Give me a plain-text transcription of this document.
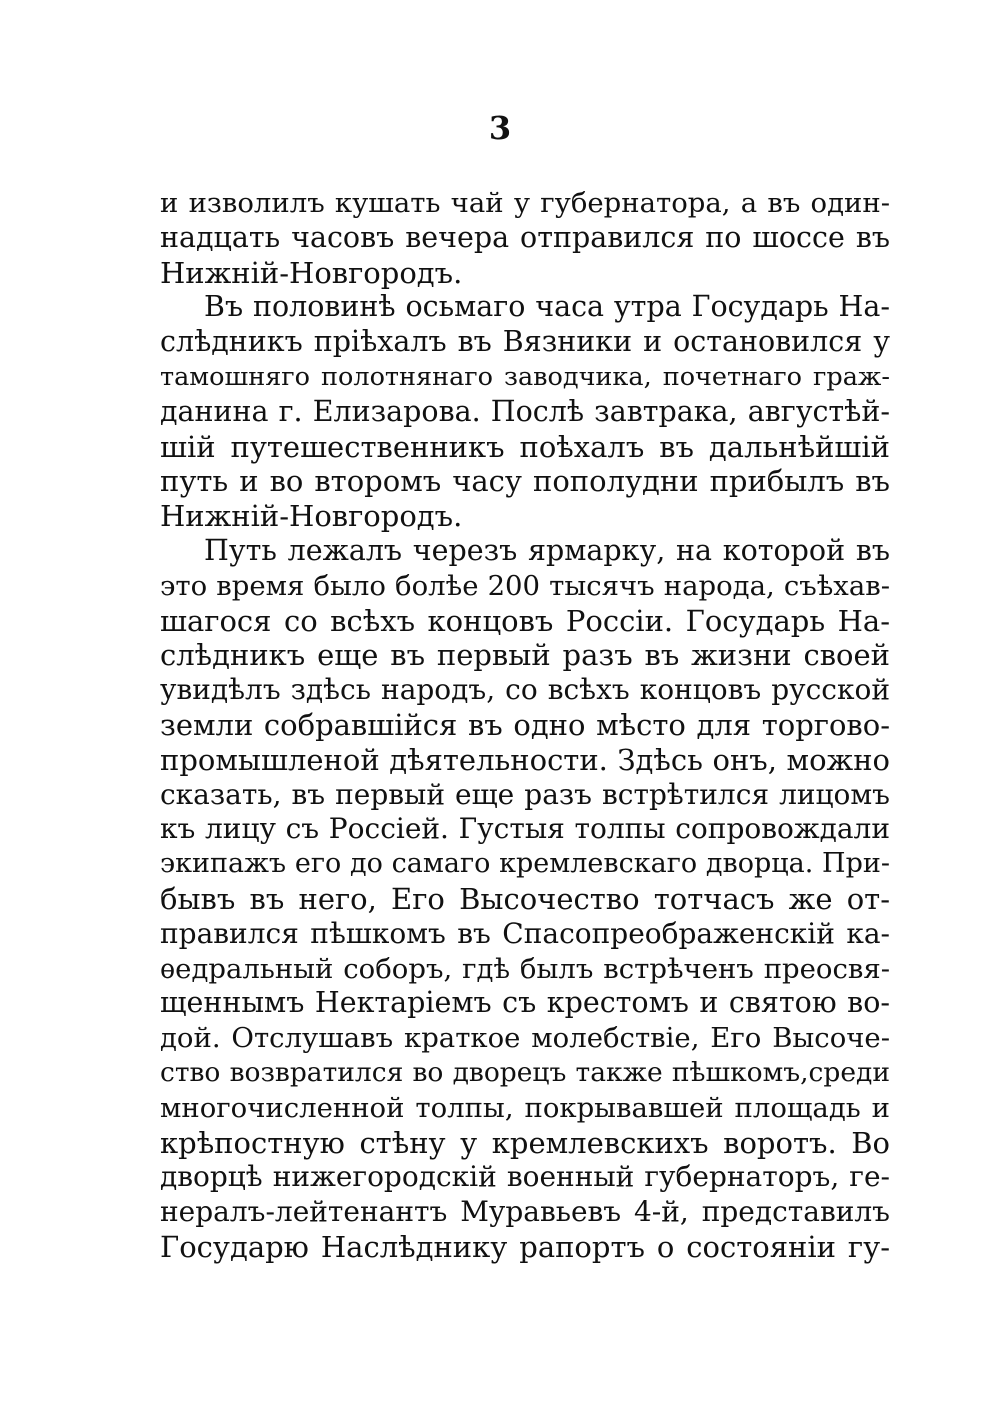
3
и изволилъ кушать чай у губернатора, а въ один-
надцать часовъ вечера отправился по шоссе въ
Нижній-Новгородъ.
Въ половинѣ осьмаго часа утра Государь На-
слѣдникъ пріѣхалъ въ Вязники и остановился у
тамошняго полотнянаго заводчика, почетнаго граж-
данина г. Елизарова. Послѣ завтрака, августѣй-
шій путешественникъ поѣхалъ въ дальнѣйшій
путь и во второмъ часу пополудни прибылъ въ
Нижній-Новгородъ.
Путь лежалъ черезъ ярмарку, на которой въ
это время было болѣе 200 тысячъ народа, съѣхав-
шагося со всѣхъ концовъ Россіи. Государь На-
слѣдникъ еще въ первый разъ въ жизни своей
увидѣлъ здѣсь народъ, со всѣхъ концовъ русской
земли собравшійся въ одно мѣсто для торгово-
промышленой дѣятельности. Здѣсь онъ, можно
сказать, въ первый еще разъ встрѣтился лицомъ
къ лицу съ Россіей. Густыя толпы сопровождали
экипажъ его до самаго кремлевскаго дворца. При-
бывъ въ него, Его Высочество тотчасъ же от-
правился пѣшкомъ въ Спасопреображенскій ка-
ѳедральный соборъ, гдѣ былъ встрѣченъ преосвя-
щеннымъ Нектаріемъ съ крестомъ и святою во-
дой. Отслушавъ краткое молебствіе, Его Высоче-
ство возвратился во дворецъ также пѣшкомъ,среди
многочисленной толпы, покрывавшей площадь и
крѣпостную стѣну у кремлевскихъ воротъ. Во
дворцѣ нижегородскій военный губернаторъ, ге-
нералъ-лейтенантъ Муравьевъ 4-й, представилъ
Государю Наслѣднику рапортъ о состояніи гу-
